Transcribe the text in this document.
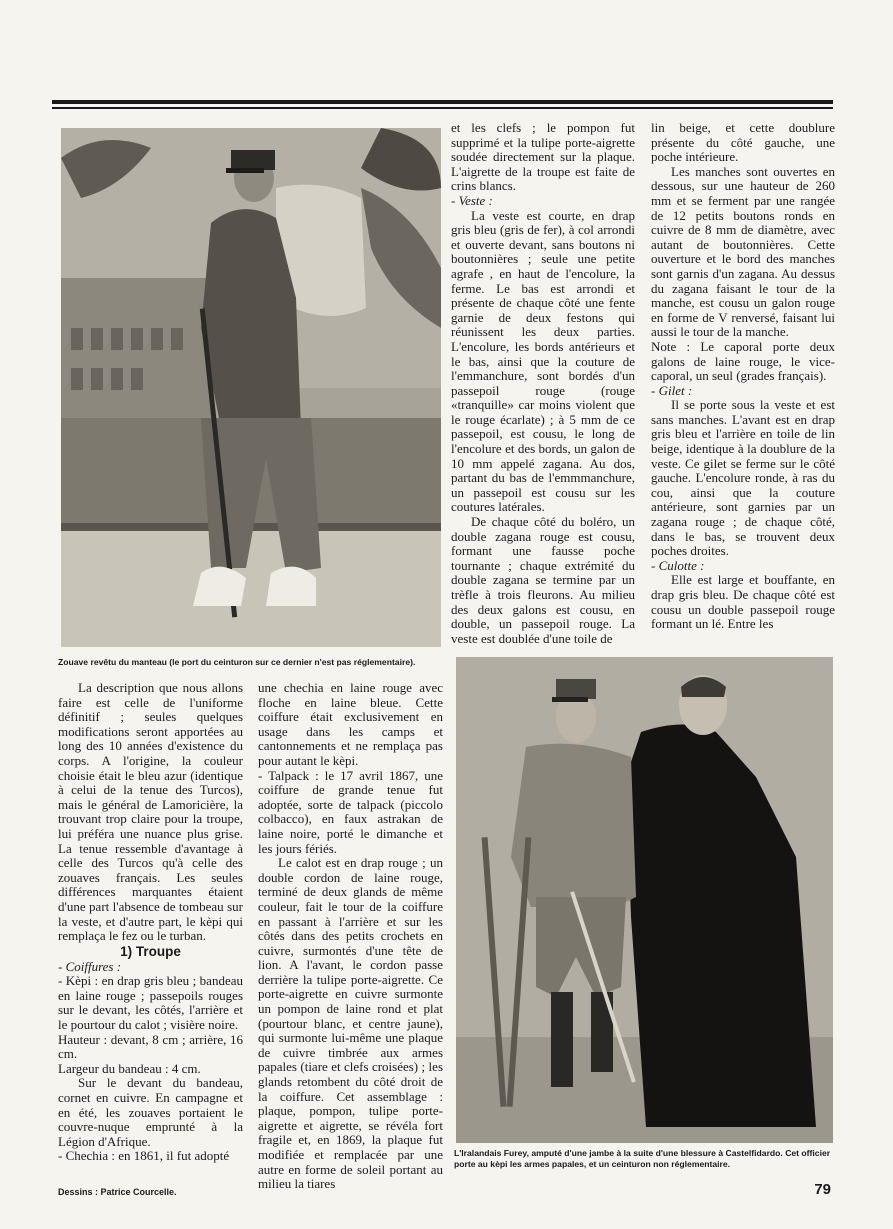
Zouave revêtu du manteau (le port du ceinturon sur ce dernier n'est pas réglementaire).

et les clefs ; le pompon fut supprimé et la tulipe porte-aigrette soudée directement sur la plaque. L'aigrette de la troupe est faite de crins blancs.

- Veste :

La veste est courte, en drap gris bleu (gris de fer), à col arrondi et ouverte devant, sans boutons ni boutonnières ; seule une petite agrafe , en haut de l'encolure, la ferme. Le bas est arrondi et présente de chaque côté une fente garnie de deux festons qui réunissent les deux parties. L'encolure, les bords antérieurs et le bas, ainsi que la couture de l'emmanchure, sont bordés d'un passepoil rouge (rouge «tranquille» car moins violent que le rouge écarlate) ; à 5 mm de ce passepoil, est cousu, le long de l'encolure et des bords, un galon de 10 mm appelé zagana. Au dos, partant du bas de l'emmmanchure, un passepoil est cousu sur les coutures latérales.

De chaque côté du boléro, un double zagana rouge est cousu, formant une fausse poche tournante ; chaque extrémité du double zagana se termine par un trèfle à trois fleurons. Au milieu des deux galons est cousu, en double, un passepoil rouge. La veste est doublée d'une toile de

lin beige, et cette doublure présente du côté gauche, une poche intérieure.

Les manches sont ouvertes en dessous, sur une hauteur de 260 mm et se ferment par une rangée de 12 petits boutons ronds en cuivre de 8 mm de diamètre, avec autant de boutonnières. Cette ouverture et le bord des manches sont garnis d'un zagana. Au dessus du zagana faisant le tour de la manche, est cousu un galon rouge en forme de V renversé, faisant lui aussi le tour de la manche.

Note : Le caporal porte deux galons de laine rouge, le vice-caporal, un seul (grades français).

- Gilet :

Il se porte sous la veste et est sans manches. L'avant est en drap gris bleu et l'arrière en toile de lin beige, identique à la doublure de la veste. Ce gilet se ferme sur le côté gauche. L'encolure ronde, à ras du cou, ainsi que la couture antérieure, sont garnies par un zagana rouge ; de chaque côté, dans le bas, se trouvent deux poches droites.

- Culotte :

Elle est large et bouffante, en drap gris bleu. De chaque côté est cousu un double passepoil rouge formant un lé. Entre les

La description que nous allons faire est celle de l'uniforme définitif ; seules quelques modifications seront apportées au long des 10 années d'existence du corps. A l'origine, la couleur choisie était le bleu azur (identique à celui de la tenue des Turcos), mais le général de Lamoricière, la trouvant trop claire pour la troupe, lui préféra une nuance plus grise. La tenue ressemble d'avantage à celle des Turcos qu'à celle des zouaves français. Les seules différences marquantes étaient d'une part l'absence de tombeau sur la veste, et d'autre part, le kèpi qui remplaça le fez ou le turban.

1) Troupe

- Coiffures :

- Kèpi : en drap gris bleu ; bandeau en laine rouge ; passepoils rouges sur le devant, les côtés, l'arrière et le pourtour du calot ; visière noire.

Hauteur : devant, 8 cm ; arrière, 16 cm.

Largeur du bandeau : 4 cm.

Sur le devant du bandeau, cornet en cuivre. En campagne et en été, les zouaves portaient le couvre-nuque emprunté à la Légion d'Afrique.

- Chechia : en 1861, il fut adopté

une chechia en laine rouge avec floche en laine bleue. Cette coiffure était exclusivement en usage dans les camps et cantonnements et ne remplaça pas pour autant le kèpi.

- Talpack : le 17 avril 1867, une coiffure de grande tenue fut adoptée, sorte de talpack (piccolo colbacco), en faux astrakan de laine noire, porté le dimanche et les jours fériés.

Le calot est en drap rouge ; un double cordon de laine rouge, terminé de deux glands de même couleur, fait le tour de la coiffure en passant à l'arrière et sur les côtés dans des petits crochets en cuivre, surmontés d'une tête de lion. A l'avant, le cordon passe derrière la tulipe porte-aigrette. Ce porte-aigrette en cuivre surmonte un pompon de laine rond et plat (pourtour blanc, et centre jaune), qui surmonte lui-même une plaque de cuivre timbrée aux armes papales (tiare et clefs croisées) ; les glands retombent du côté droit de la coiffure. Cet assemblage : plaque, pompon, tulipe porte-aigrette et aigrette, se révéla fort fragile et, en 1869, la plaque fut modifiée et remplacée par une autre en forme de soleil portant au milieu la tiares

L'Iralandais Furey, amputé d'une jambe à la suite d'une blessure à Castelfidardo. Cet officier porte au kèpi les armes papales, et un ceinturon non réglementaire.
Dessins : Patrice Courcelle.	79
